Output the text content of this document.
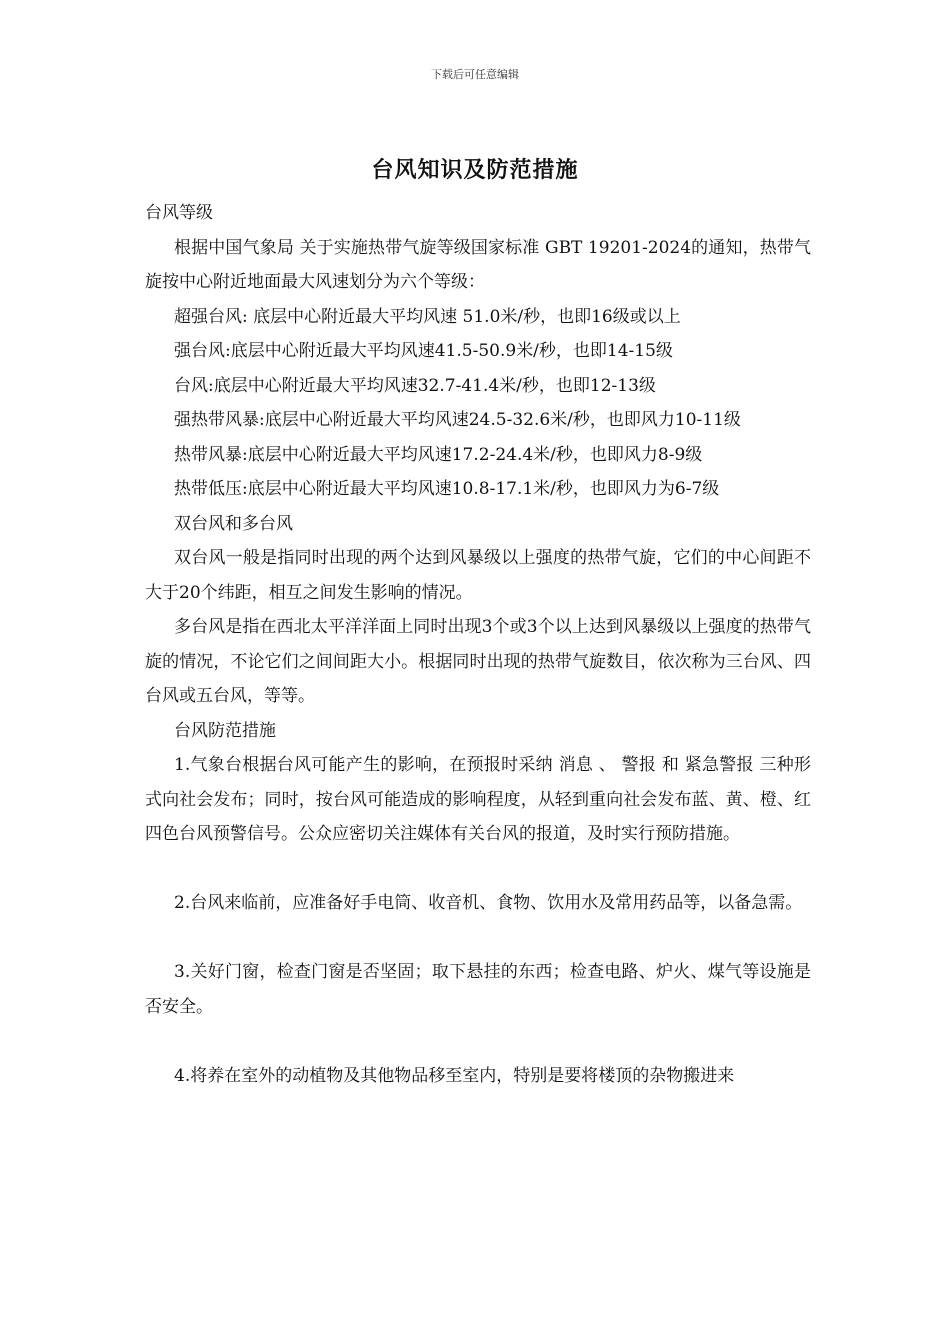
下载后可任意编辑
台风知识及防范措施

台风等级

根据中国气象局 关于实施热带气旋等级国家标准 GBT 19201-2024的通知，热带气旋按中心附近地面最大风速划分为六个等级：

超强台风: 底层中心附近最大平均风速 51.0米/秒，也即16级或以上

强台风:底层中心附近最大平均风速41.5-50.9米/秒，也即14-15级

台风:底层中心附近最大平均风速32.7-41.4米/秒，也即12-13级

强热带风暴:底层中心附近最大平均风速24.5-32.6米/秒，也即风力10-11级

热带风暴:底层中心附近最大平均风速17.2-24.4米/秒，也即风力8-9级

热带低压:底层中心附近最大平均风速10.8-17.1米/秒，也即风力为6-7级

双台风和多台风

双台风一般是指同时出现的两个达到风暴级以上强度的热带气旋，它们的中心间距不大于20个纬距，相互之间发生影响的情况。

多台风是指在西北太平洋洋面上同时出现3个或3个以上达到风暴级以上强度的热带气旋的情况，不论它们之间间距大小。根据同时出现的热带气旋数目，依次称为三台风、四台风或五台风，等等。

台风防范措施

1.气象台根据台风可能产生的影响，在预报时采纳 消息 、 警报 和 紧急警报 三种形式向社会发布；同时，按台风可能造成的影响程度，从轻到重向社会发布蓝、黄、橙、红四色台风预警信号。公众应密切关注媒体有关台风的报道，及时实行预防措施。

2.台风来临前，应准备好手电筒、收音机、食物、饮用水及常用药品等，以备急需。

3.关好门窗，检查门窗是否坚固；取下悬挂的东西；检查电路、炉火、煤气等设施是否安全。

4.将养在室外的动植物及其他物品移至室内，特别是要将楼顶的杂物搬进来
